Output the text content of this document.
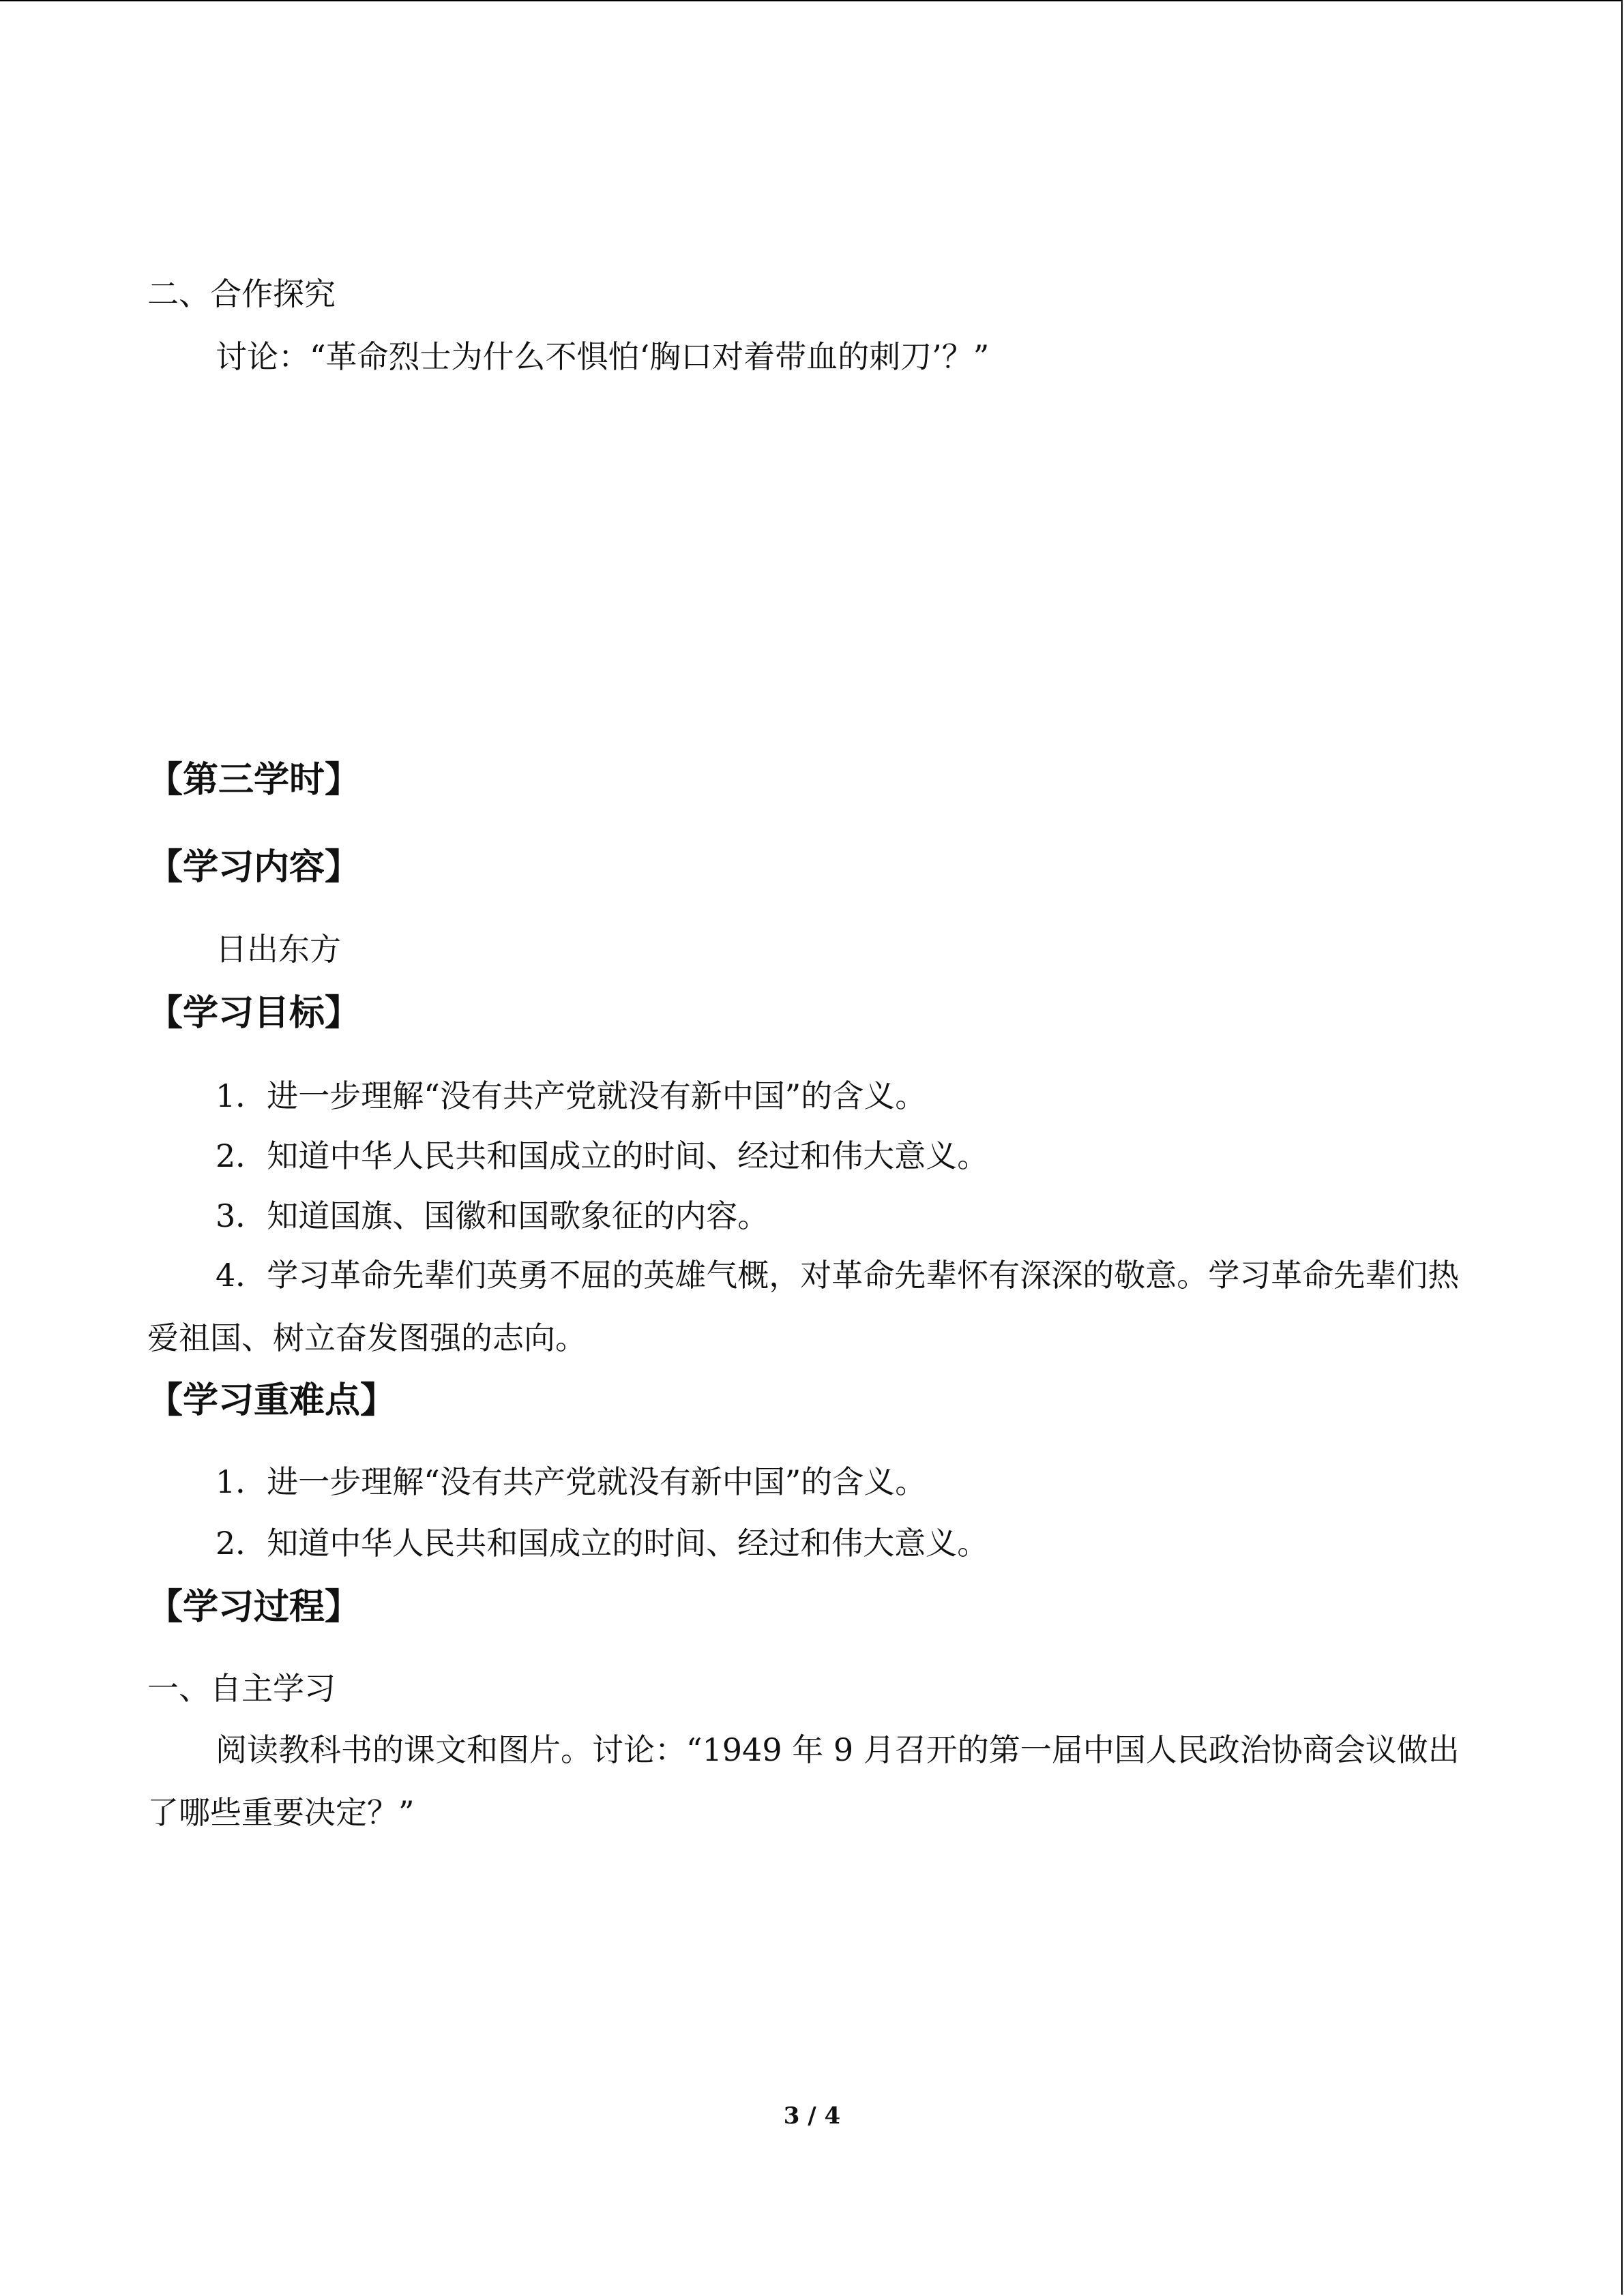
二、合作探究
讨论：“革命烈士为什么不惧怕‘胸口对着带血的刺刀’？”
【第三学时】
【学习内容】
日出东方
【学习目标】
1．进一步理解“没有共产党就没有新中国”的含义。
2．知道中华人民共和国成立的时间、经过和伟大意义。
3．知道国旗、国徽和国歌象征的内容。
4．学习革命先辈们英勇不屈的英雄气概，对革命先辈怀有深深的敬意。学习革命先辈们热爱祖国、树立奋发图强的志向。
【学习重难点】
1．进一步理解“没有共产党就没有新中国”的含义。
2．知道中华人民共和国成立的时间、经过和伟大意义。
【学习过程】
一、自主学习
阅读教科书的课文和图片。讨论：“1949 年 9 月召开的第一届中国人民政治协商会议做出了哪些重要决定？”
3 / 4
